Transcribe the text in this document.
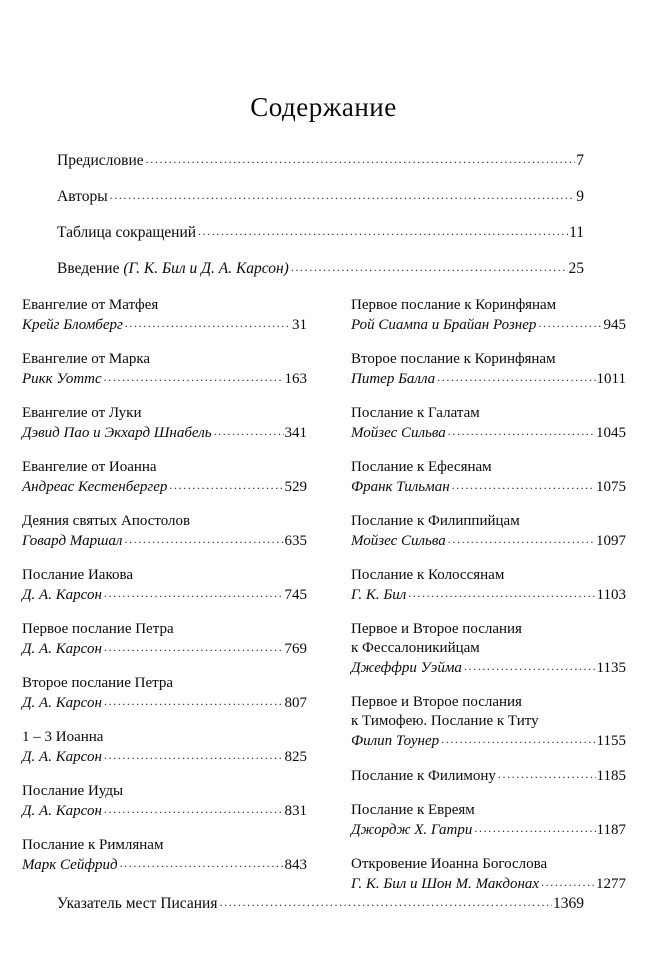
Содержание
Предисловие .....	7
Авторы .....	9
Таблица сокращений .....	11
Введение (Г. К. Бил и Д. А. Карсон) .....	25
Евангелие от Матфея
Крейг Бломберг .....	31
Евангелие от Марка
Рикк Уоттс .....	163
Евангелие от Луки
Дэвид Пао и Экхард Шнабель .....	341
Евангелие от Иоанна
Андреас Кестенбергер .....	529
Деяния святых Апостолов
Говард Маршал .....	635
Послание Иакова
Д. А. Карсон .....	745
Первое послание Петра
Д. А. Карсон .....	769
Второе послание Петра
Д. А. Карсон .....	807
1 – 3 Иоанна
Д. А. Карсон .....	825
Послание Иуды
Д. А. Карсон .....	831
Послание к Римлянам
Марк Сейфрид .....	843
Первое послание к Коринфянам
Рой Сиампа и Брайан Рознер .....	945
Второе послание к Коринфянам
Питер Балла .....	1011
Послание к Галатам
Мойзес Сильва .....	1045
Послание к Ефесянам
Франк Тильман .....	1075
Послание к Филиппийцам
Мойзес Сильва .....	1097
Послание к Колоссянам
Г. К. Бил .....	1103
Первое и Второе послания
к Фессалоникийцам
Джеффри Уэйма .....	1135
Первое и Второе послания
к Тимофею. Послание к Титу
Филип Тоунер .....	1155
Послание к Филимону .....	1185
Послание к Евреям
Джордж Х. Гатри .....	1187
Откровение Иоанна Богослова
Г. К. Бил и Шон М. Макдонах .....	1277
Указатель мест Писания .....	1369
